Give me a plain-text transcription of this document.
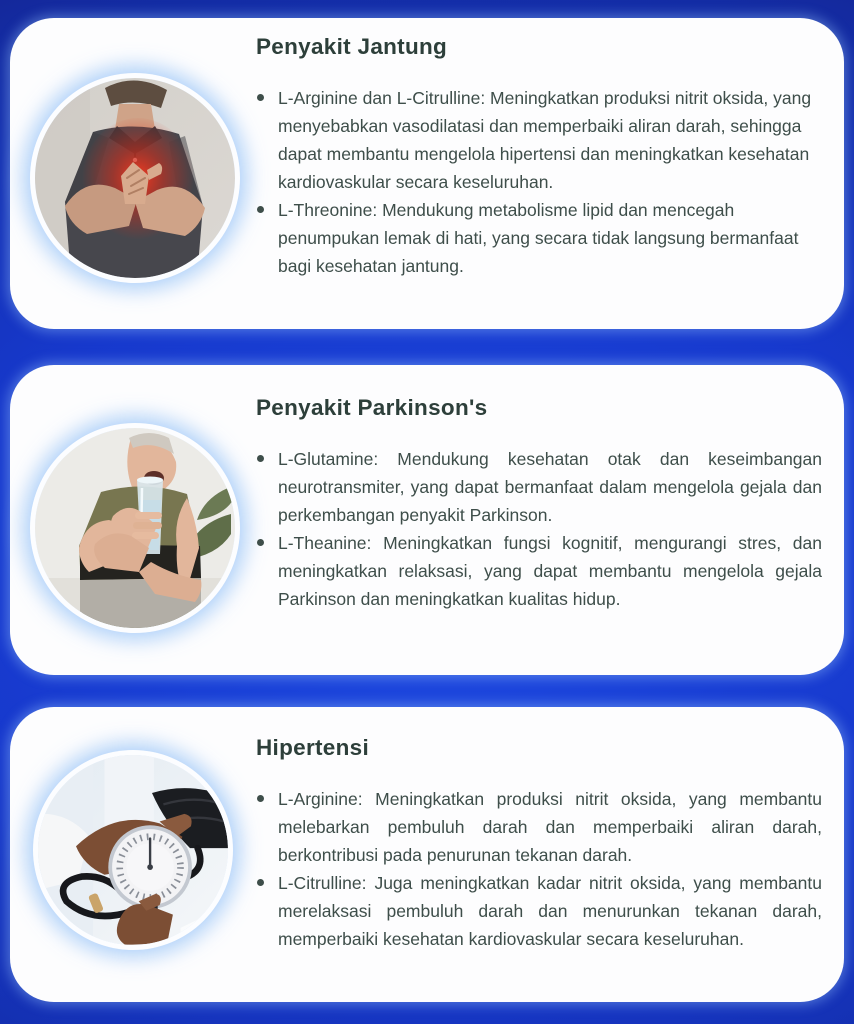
Penyakit Jantung
L-Arginine dan L-Citrulline: Meningkatkan produksi nitrit oksida, yang menyebabkan vasodilatasi dan memperbaiki aliran darah, sehingga dapat membantu mengelola hipertensi dan meningkatkan kesehatan kardiovaskular secara keseluruhan.
L-Threonine: Mendukung metabolisme lipid dan mencegah penumpukan lemak di hati, yang secara tidak langsung bermanfaat bagi kesehatan jantung.
Penyakit Parkinson's
L-Glutamine: Mendukung kesehatan otak dan keseimbangan neurotransmiter, yang dapat bermanfaat dalam mengelola gejala dan perkembangan penyakit Parkinson.
L-Theanine: Meningkatkan fungsi kognitif, mengurangi stres, dan meningkatkan relaksasi, yang dapat membantu mengelola gejala Parkinson dan meningkatkan kualitas hidup.
Hipertensi
L-Arginine: Meningkatkan produksi nitrit oksida, yang membantu melebarkan pembuluh darah dan memperbaiki aliran darah, berkontribusi pada penurunan tekanan darah.
L-Citrulline: Juga meningkatkan kadar nitrit oksida, yang membantu merelaksasi pembuluh darah dan menurunkan tekanan darah, memperbaiki kesehatan kardiovaskular secara keseluruhan.
